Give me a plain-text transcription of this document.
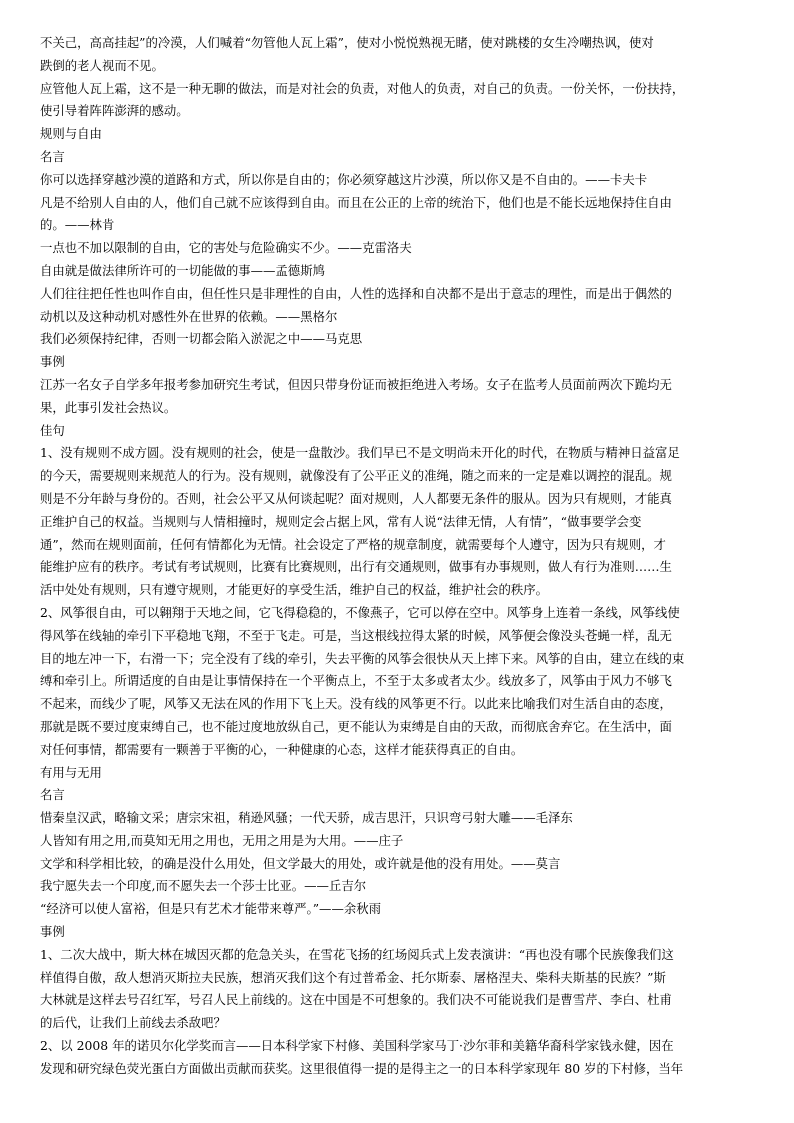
不关己，高高挂起”的冷漠，人们喊着“勿管他人瓦上霜”，使对小悦悦熟视无睹，使对跳楼的女生冷嘲热讽，使对

跌倒的老人视而不见。

应管他人瓦上霜，这不是一种无聊的做法，而是对社会的负责，对他人的负责，对自己的负责。一份关怀，一份扶持，

使引导着阵阵澎湃的感动。

规则与自由

名言

你可以选择穿越沙漠的道路和方式，所以你是自由的；你必须穿越这片沙漠，所以你又是不自由的。——卡夫卡

凡是不给别人自由的人，他们自己就不应该得到自由。而且在公正的上帝的统治下，他们也是不能长远地保持住自由

的。——林肯

一点也不加以限制的自由，它的害处与危险确实不少。——克雷洛夫

自由就是做法律所许可的一切能做的事——孟德斯鸠

人们往往把任性也叫作自由，但任性只是非理性的自由，人性的选择和自决都不是出于意志的理性，而是出于偶然的

动机以及这种动机对感性外在世界的依赖。——黑格尔

我们必须保持纪律，否则一切都会陷入淤泥之中——马克思

事例

江苏一名女子自学多年报考参加研究生考试，但因只带身份证而被拒绝进入考场。女子在监考人员面前两次下跪均无

果，此事引发社会热议。

佳句

1、没有规则不成方圆。没有规则的社会，使是一盘散沙。我们早已不是文明尚未开化的时代，在物质与精神日益富足

的今天，需要规则来规范人的行为。没有规则，就像没有了公平正义的准绳，随之而来的一定是难以调控的混乱。规

则是不分年龄与身份的。否则，社会公平又从何谈起呢？面对规则，人人都要无条件的服从。因为只有规则，才能真

正维护自己的权益。当规则与人情相撞时，规则定会占据上风，常有人说“法律无情，人有情”，“做事要学会变

通”，然而在规则面前，任何有情都化为无情。社会设定了严格的规章制度，就需要每个人遵守，因为只有规则，才

能维护应有的秩序。考试有考试规则，比赛有比赛规则，出行有交通规则，做事有办事规则，做人有行为准则……生

活中处处有规则，只有遵守规则，才能更好的享受生活，维护自己的权益，维护社会的秩序。

2、风筝很自由，可以翱翔于天地之间，它飞得稳稳的，不像燕子，它可以停在空中。风筝身上连着一条线，风筝线使

得风筝在线轴的牵引下平稳地飞翔，不至于飞走。可是，当这根线拉得太紧的时候，风筝便会像没头苍蝇一样，乱无

目的地左冲一下，右滑一下；完全没有了线的牵引，失去平衡的风筝会很快从天上摔下来。风筝的自由，建立在线的束

缚和牵引上。所谓适度的自由是让事情保持在一个平衡点上，不至于太多或者太少。线放多了，风筝由于风力不够飞

不起来，而线少了呢，风筝又无法在风的作用下飞上天。没有线的风筝更不行。以此来比喻我们对生活自由的态度，

那就是既不要过度束缚自己，也不能过度地放纵自己，更不能认为束缚是自由的天敌，而彻底舍弃它。在生活中，面

对任何事情，都需要有一颗善于平衡的心，一种健康的心态，这样才能获得真正的自由。

有用与无用

名言

惜秦皇汉武，略输文采；唐宗宋祖，稍逊风骚；一代天骄，成吉思汗，只识弯弓射大雕——毛泽东

人皆知有用之用,而莫知无用之用也，无用之用是为大用。——庄子

文学和科学相比较，的确是没什么用处，但文学最大的用处，或许就是他的没有用处。——莫言

我宁愿失去一个印度,而不愿失去一个莎士比亚。——丘吉尔

“经济可以使人富裕，但是只有艺术才能带来尊严。”——余秋雨

事例

1、二次大战中，斯大林在城因灭都的危急关头，在雪花飞扬的红场阅兵式上发表演讲：“再也没有哪个民族像我们这

样值得自傲，敌人想消灭斯拉夫民族，想消灭我们这个有过普希金、托尔斯泰、屠格涅夫、柴科夫斯基的民族？”斯

大林就是这样去号召红军，号召人民上前线的。这在中国是不可想象的。我们决不可能说我们是曹雪芹、李白、杜甫

的后代，让我们上前线去杀敌吧？

2、以 2008 年的诺贝尔化学奖而言——日本科学家下村修、美国科学家马丁·沙尔菲和美籍华裔科学家钱永健，因在

发现和研究绿色荧光蛋白方面做出贡献而获奖。这里很值得一提的是得主之一的日本科学家现年 80 岁的下村修，当年
